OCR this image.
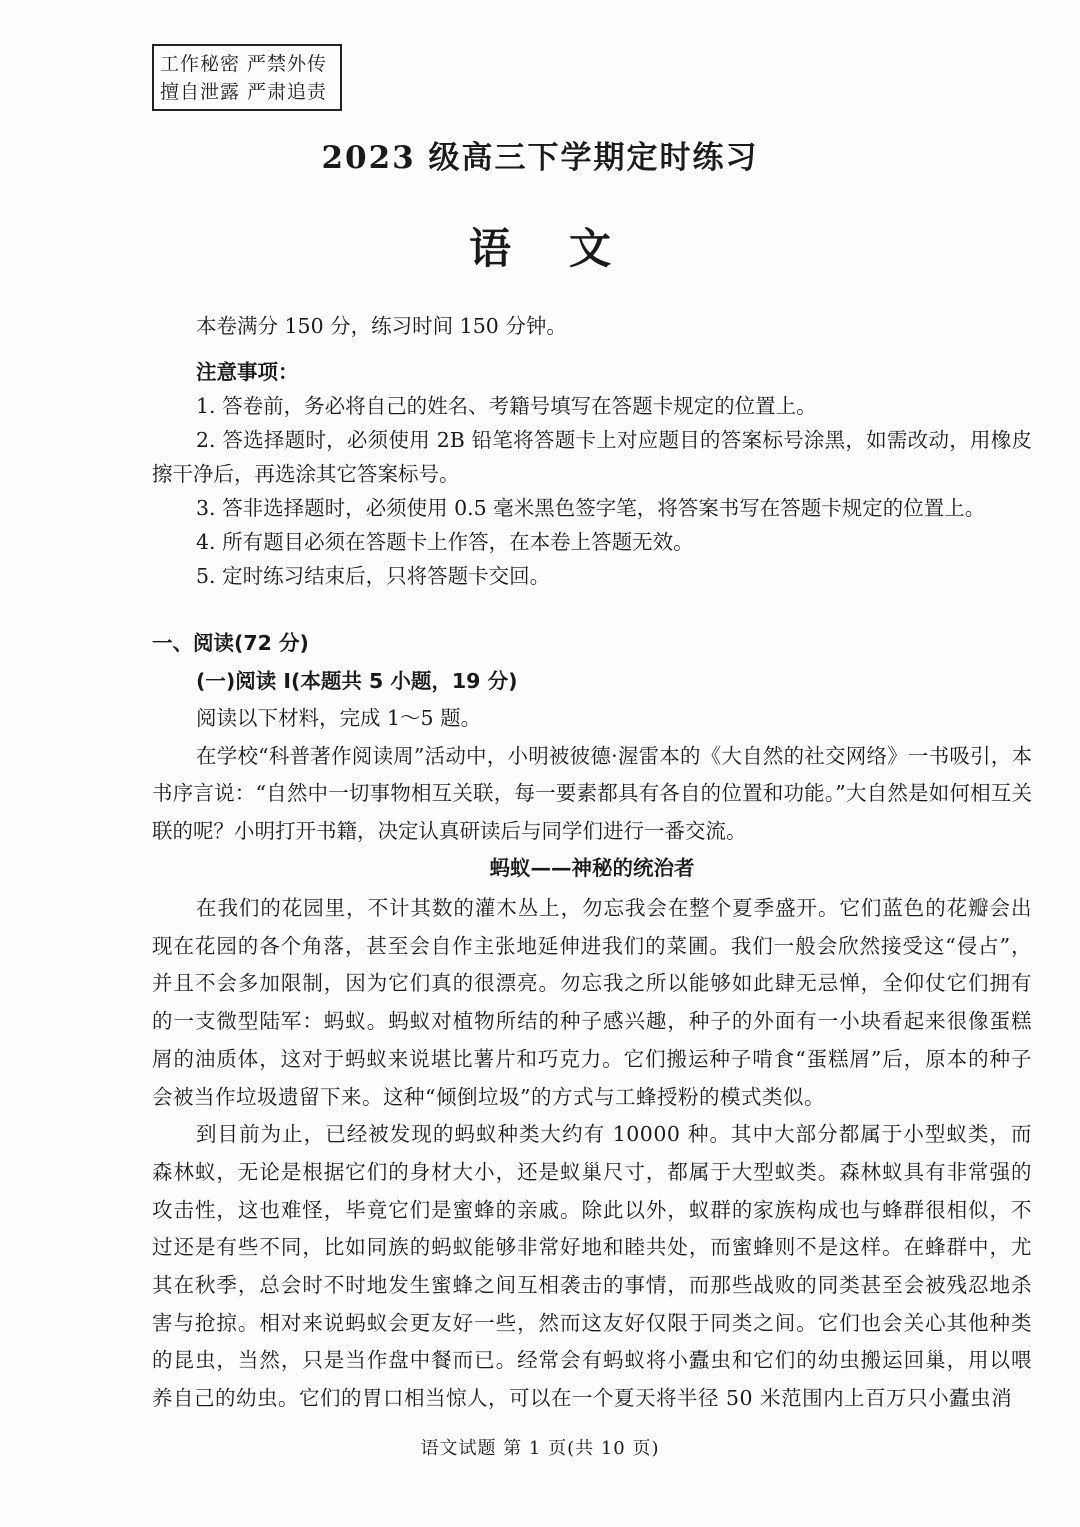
工作秘密 严禁外传
擅自泄露 严肃追责
2023 级高三下学期定时练习
语文

本卷满分 150 分，练习时间 150 分钟。

注意事项：

1. 答卷前，务必将自己的姓名、考籍号填写在答题卡规定的位置上。

2. 答选择题时，必须使用 2B 铅笔将答题卡上对应题目的答案标号涂黑，如需改动，用橡皮擦干净后，再选涂其它答案标号。

3. 答非选择题时，必须使用 0.5 毫米黑色签字笔，将答案书写在答题卡规定的位置上。

4. 所有题目必须在答题卡上作答，在本卷上答题无效。

5. 定时练习结束后，只将答题卡交回。

一、阅读(72 分)

(一)阅读 Ⅰ(本题共 5 小题，19 分)

阅读以下材料，完成 1～5 题。

在学校“科普著作阅读周”活动中，小明被彼德·渥雷本的《大自然的社交网络》一书吸引，本书序言说：“自然中一切事物相互关联，每一要素都具有各自的位置和功能。”大自然是如何相互关联的呢？小明打开书籍，决定认真研读后与同学们进行一番交流。

蚂蚁——神秘的统治者

在我们的花园里，不计其数的灌木丛上，勿忘我会在整个夏季盛开。它们蓝色的花瓣会出现在花园的各个角落，甚至会自作主张地延伸进我们的菜圃。我们一般会欣然接受这“侵占”，并且不会多加限制，因为它们真的很漂亮。勿忘我之所以能够如此肆无忌惮，全仰仗它们拥有的一支微型陆军：蚂蚁。蚂蚁对植物所结的种子感兴趣，种子的外面有一小块看起来很像蛋糕屑的油质体，这对于蚂蚁来说堪比薯片和巧克力。它们搬运种子啃食“蛋糕屑”后，原本的种子会被当作垃圾遗留下来。这种“倾倒垃圾”的方式与工蜂授粉的模式类似。

到目前为止，已经被发现的蚂蚁种类大约有 10000 种。其中大部分都属于小型蚁类，而森林蚁，无论是根据它们的身材大小，还是蚁巢尺寸，都属于大型蚁类。森林蚁具有非常强的攻击性，这也难怪，毕竟它们是蜜蜂的亲戚。除此以外，蚁群的家族构成也与蜂群很相似，不过还是有些不同，比如同族的蚂蚁能够非常好地和睦共处，而蜜蜂则不是这样。在蜂群中，尤其在秋季，总会时不时地发生蜜蜂之间互相袭击的事情，而那些战败的同类甚至会被残忍地杀害与抢掠。相对来说蚂蚁会更友好一些，然而这友好仅限于同类之间。它们也会关心其他种类的昆虫，当然，只是当作盘中餐而已。经常会有蚂蚁将小蠹虫和它们的幼虫搬运回巢，用以喂养自己的幼虫。它们的胃口相当惊人，可以在一个夏天将半径 50 米范围内上百万只小蠹虫消

语文试题 第 1 页(共 10 页)
